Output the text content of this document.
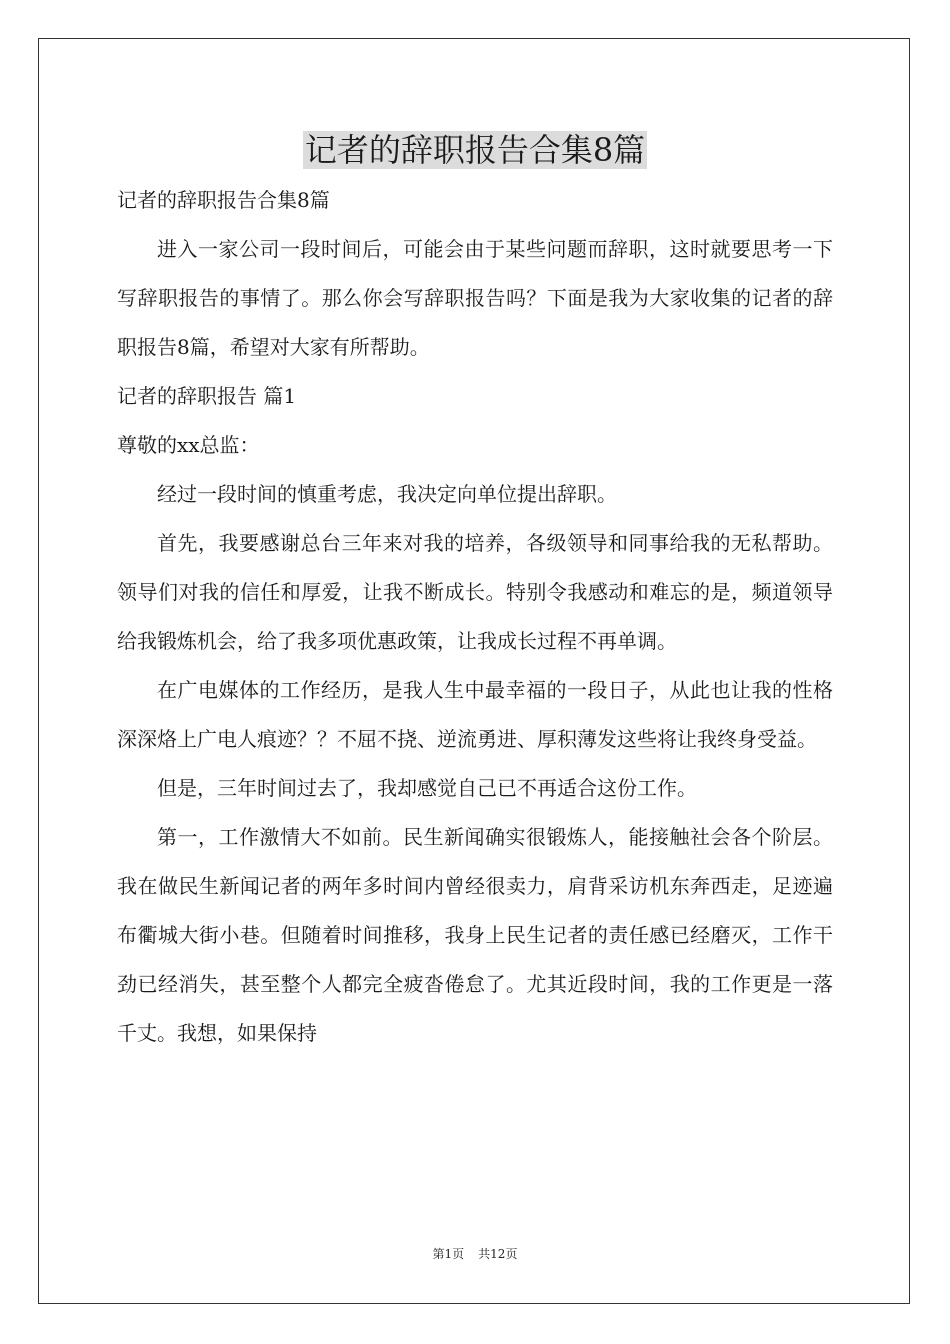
记者的辞职报告合集8篇

记者的辞职报告合集8篇

进入一家公司一段时间后，可能会由于某些问题而辞职，这时就要思考一下写辞职报告的事情了。那么你会写辞职报告吗？下面是我为大家收集的记者的辞职报告8篇，希望对大家有所帮助。

记者的辞职报告 篇1

尊敬的xx总监：

经过一段时间的慎重考虑，我决定向单位提出辞职。

首先，我要感谢总台三年来对我的培养，各级领导和同事给我的无私帮助。领导们对我的信任和厚爱，让我不断成长。特别令我感动和难忘的是，频道领导给我锻炼机会，给了我多项优惠政策，让我成长过程不再单调。

在广电媒体的工作经历，是我人生中最幸福的一段日子，从此也让我的性格深深烙上广电人痕迹？？不屈不挠、逆流勇进、厚积薄发这些将让我终身受益。

但是，三年时间过去了，我却感觉自己已不再适合这份工作。

第一，工作激情大不如前。民生新闻确实很锻炼人，能接触社会各个阶层。我在做民生新闻记者的两年多时间内曾经很卖力，肩背采访机东奔西走，足迹遍布衢城大街小巷。但随着时间推移，我身上民生记者的责任感已经磨灭，工作干劲已经消失，甚至整个人都完全疲沓倦怠了。尤其近段时间，我的工作更是一落千丈。我想，如果保持

第1页 共12页
